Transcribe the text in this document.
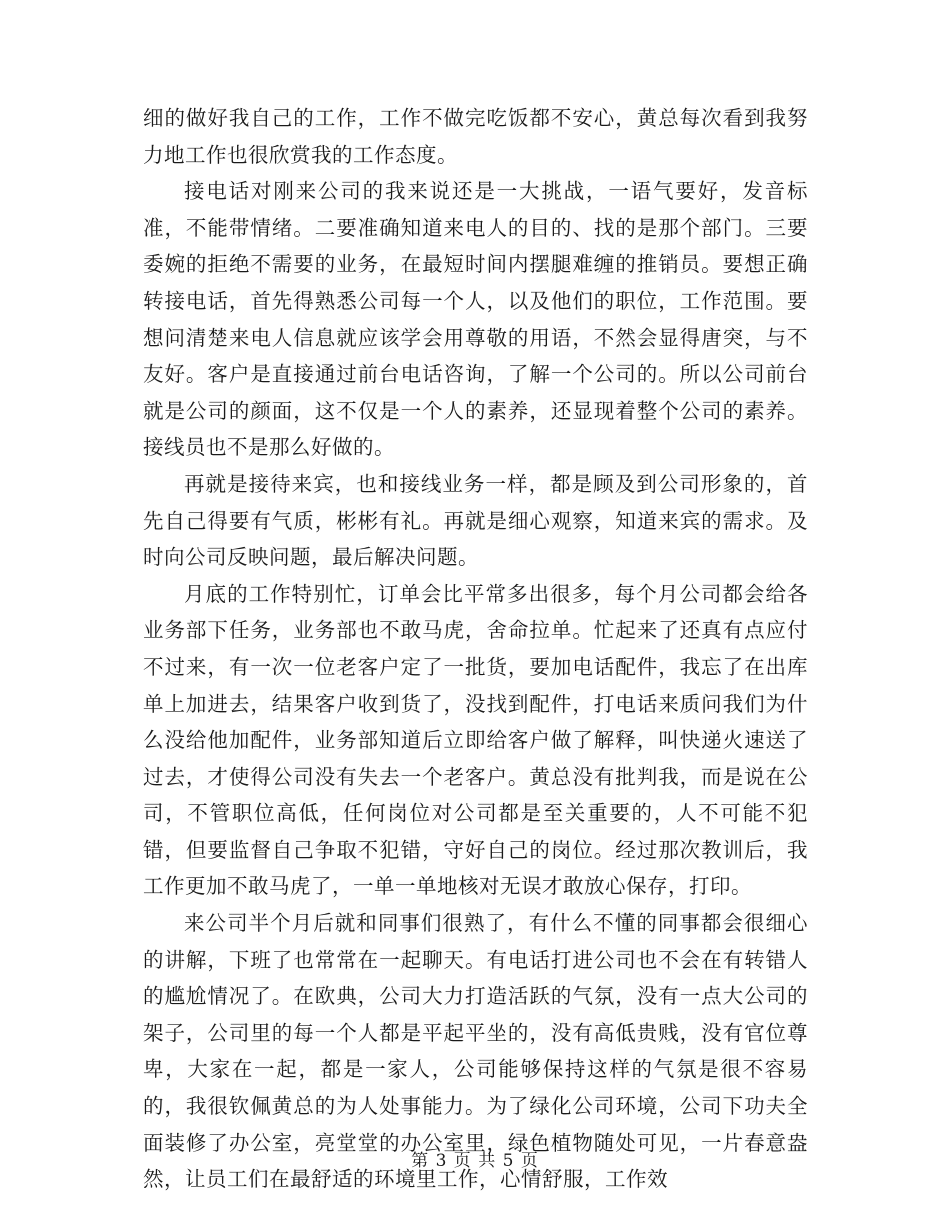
细的做好我自己的工作，工作不做完吃饭都不安心，黄总每次看到我努力地工作也很欣赏我的工作态度。

接电话对刚来公司的我来说还是一大挑战，一语气要好，发音标准，不能带情绪。二要准确知道来电人的目的、找的是那个部门。三要委婉的拒绝不需要的业务，在最短时间内摆腿难缠的推销员。要想正确转接电话，首先得熟悉公司每一个人，以及他们的职位，工作范围。要想问清楚来电人信息就应该学会用尊敬的用语，不然会显得唐突，与不友好。客户是直接通过前台电话咨询，了解一个公司的。所以公司前台就是公司的颜面，这不仅是一个人的素养，还显现着整个公司的素养。接线员也不是那么好做的。

再就是接待来宾，也和接线业务一样，都是顾及到公司形象的，首先自己得要有气质，彬彬有礼。再就是细心观察，知道来宾的需求。及时向公司反映问题，最后解决问题。

月底的工作特别忙，订单会比平常多出很多，每个月公司都会给各业务部下任务，业务部也不敢马虎，舍命拉单。忙起来了还真有点应付不过来，有一次一位老客户定了一批货，要加电话配件，我忘了在出库单上加进去，结果客户收到货了，没找到配件，打电话来质问我们为什么没给他加配件，业务部知道后立即给客户做了解释，叫快递火速送了过去，才使得公司没有失去一个老客户。黄总没有批判我，而是说在公司，不管职位高低，任何岗位对公司都是至关重要的，人不可能不犯错，但要监督自己争取不犯错，守好自己的岗位。经过那次教训后，我工作更加不敢马虎了，一单一单地核对无误才敢放心保存，打印。

来公司半个月后就和同事们很熟了，有什么不懂的同事都会很细心的讲解，下班了也常常在一起聊天。有电话打进公司也不会在有转错人的尴尬情况了。在欧典，公司大力打造活跃的气氛，没有一点大公司的架子，公司里的每一个人都是平起平坐的，没有高低贵贱，没有官位尊卑，大家在一起，都是一家人，公司能够保持这样的气氛是很不容易的，我很钦佩黄总的为人处事能力。为了绿化公司环境，公司下功夫全面装修了办公室，亮堂堂的办公室里，绿色植物随处可见，一片春意盎然，让员工们在最舒适的环境里工作，心情舒服，工作效

第 3 页 共 5 页
